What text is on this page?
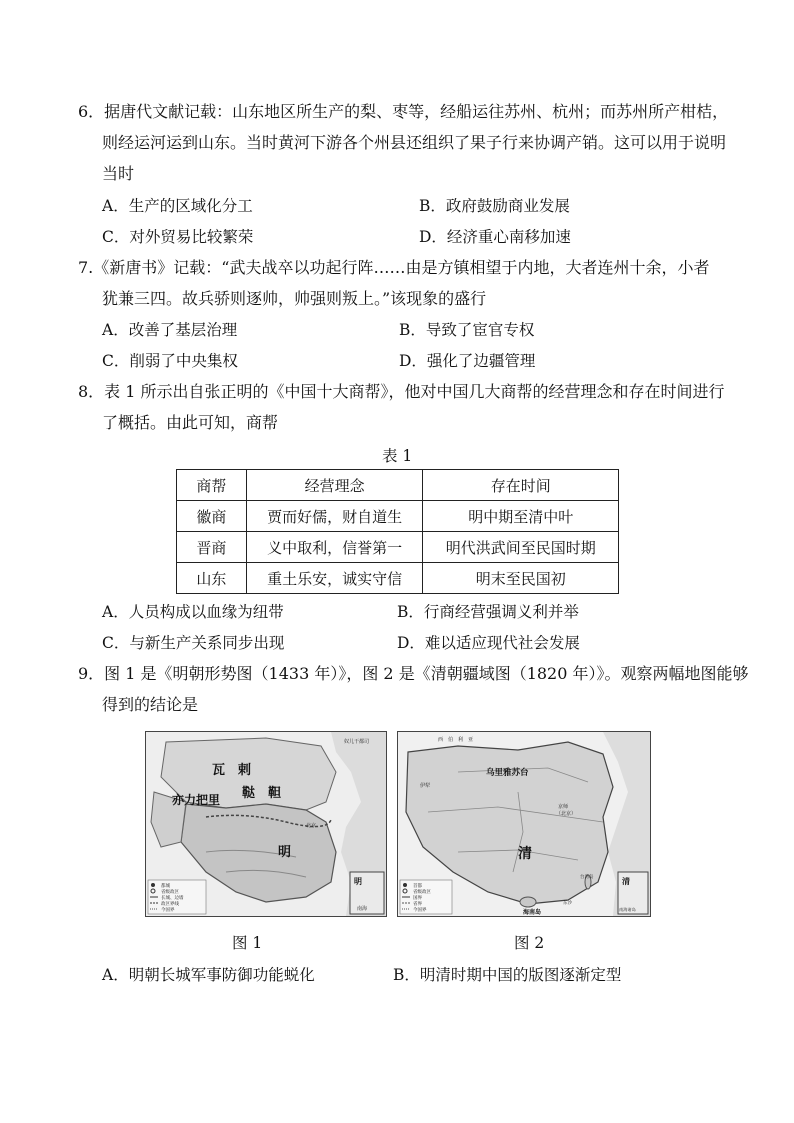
6．据唐代文献记载：山东地区所生产的梨、枣等，经船运往苏州、杭州；而苏州所产柑桔，
则经运河运到山东。当时黄河下游各个州县还组织了果子行来协调产销。这可以用于说明
当时
A．生产的区域化分工	B．政府鼓励商业发展
C．对外贸易比较繁荣	D．经济重心南移加速
7.《新唐书》记载：“武夫战卒以功起行阵……由是方镇相望于内地，大者连州十余，小者
犹兼三四。故兵骄则逐帅，帅强则叛上。”该现象的盛行
A．改善了基层治理	B．导致了宦官专权
C．削弱了中央集权	D．强化了边疆管理
8．表 1 所示出自张正明的《中国十大商帮》，他对中国几大商帮的经营理念和存在时间进行
了概括。由此可知，商帮
表 1
商帮	经营理念	存在时间
徽商	贾而好儒，财自道生	明中期至清中叶
晋商	义中取利，信誉第一	明代洪武间至民国时期
山东	重土乐安，诚实守信	明末至民国初
A．人员构成以血缘为纽带	B．行商经营强调义利并举
C．与新生产关系同步出现	D．难以适应现代社会发展
9．图 1 是《明朝形势图（1433 年）》，图 2 是《清朝疆域图（1820 年）》。观察两幅地图能够
得到的结论是
都城
省级政区
长城、边墙
政区界线
今国界
瓦　剌
鞑　靼
亦力把里
明
明
奴儿干都司
北京
南海
图 1
首都
省级政区
国界
省界
今国界
乌里雅苏台
清
清
海南岛
西　伯　利　亚
伊犁
京师
（北京）
台湾岛
东沙
南海诸岛
图 2
A．明朝长城军事防御功能蜕化	B．明清时期中国的版图逐渐定型
